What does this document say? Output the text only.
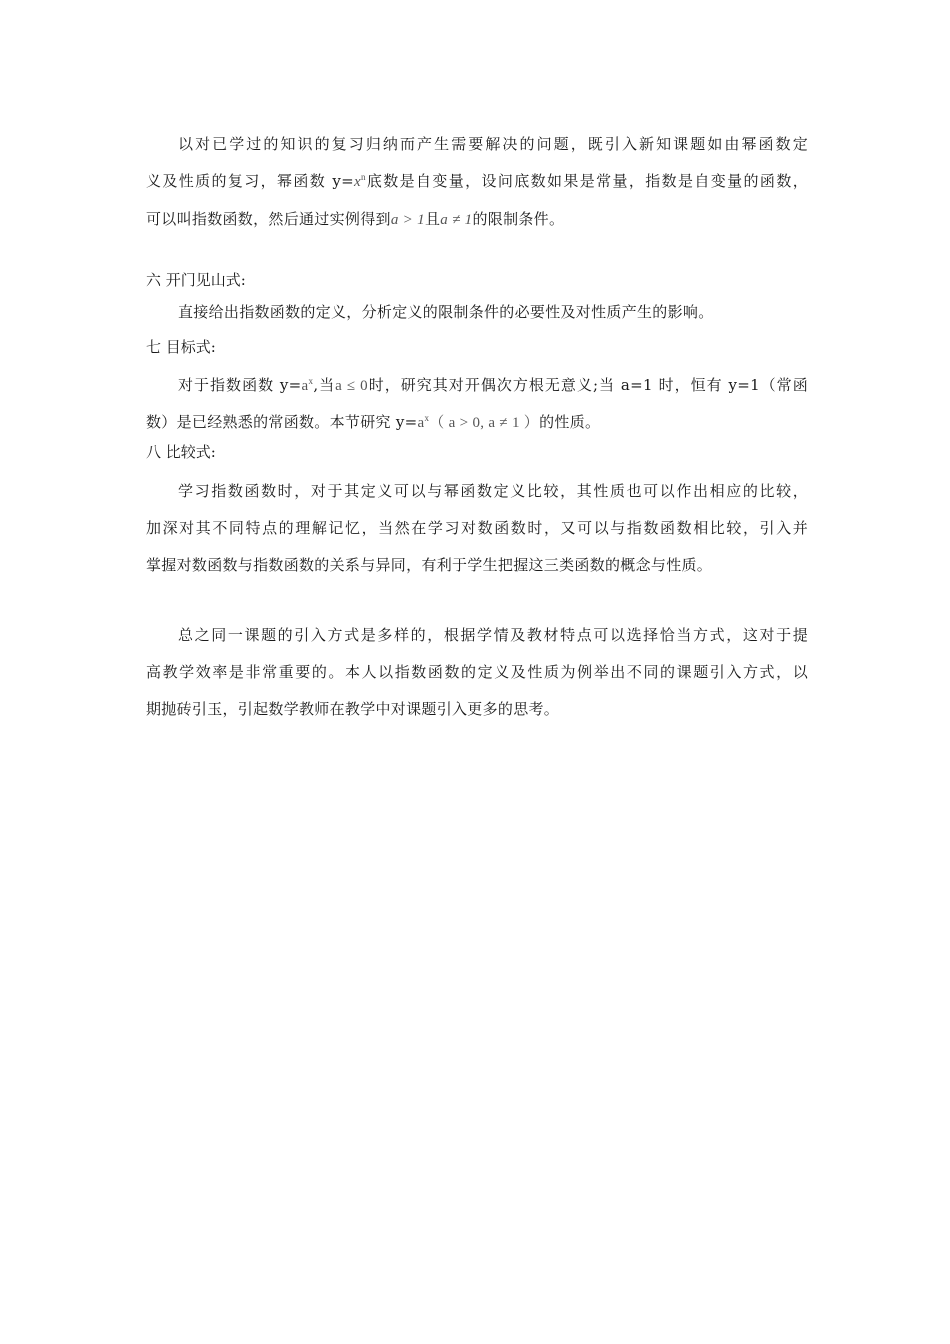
以对已学过的知识的复习归纳而产生需要解决的问题，既引入新知课题如由幂函数定
义及性质的复习，幂函数 $y=x^n$底数是自变量，设问底数如果是常量，指数是自变量的函数，
可以叫指数函数，然后通过实例得到a > 1且a ≠ 1的限制条件。
六 开门见山式:
直接给出指数函数的定义，分析定义的限制条件的必要性及对性质产生的影响。
七 目标式:
对于指数函数 $y=a^x$,当a ≤ 0时，研究其对开偶次方根无意义;当 a=1 时，恒有 y=1（常函
数）是已经熟悉的常函数。本节研究 $y=a^x$（ a > 0, a ≠ 1 ）的性质。
八 比较式:
学习指数函数时，对于其定义可以与幂函数定义比较，其性质也可以作出相应的比较，
加深对其不同特点的理解记忆，当然在学习对数函数时，又可以与指数函数相比较，引入并
掌握对数函数与指数函数的关系与异同，有利于学生把握这三类函数的概念与性质。
总之同一课题的引入方式是多样的，根据学情及教材特点可以选择恰当方式，这对于提
高教学效率是非常重要的。本人以指数函数的定义及性质为例举出不同的课题引入方式，以
期抛砖引玉，引起数学教师在教学中对课题引入更多的思考。
